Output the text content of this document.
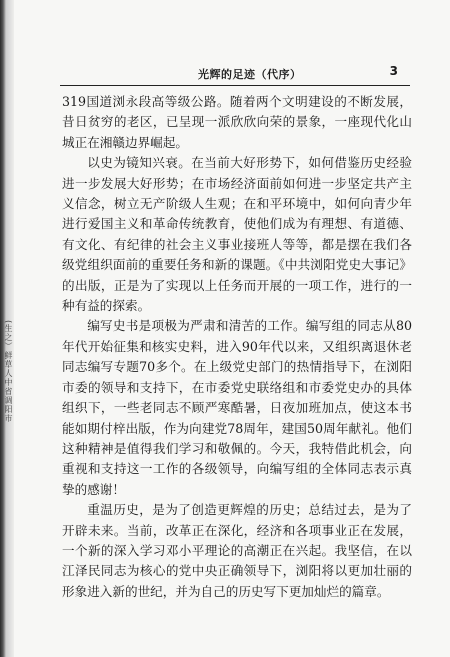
(生之）鲜草人中省调阳市
光辉的足迹（代序）	3

319国道浏永段高等级公路。随着两个文明建设的不断发展，昔日贫穷的老区，已呈现一派欣欣向荣的景象，一座现代化山城正在湘赣边界崛起。

以史为镜知兴衰。在当前大好形势下，如何借鉴历史经验进一步发展大好形势；在市场经济面前如何进一步坚定共产主义信念，树立无产阶级人生观；在和平环境中，如何向青少年进行爱国主义和革命传统教育，使他们成为有理想、有道德、有文化、有纪律的社会主义事业接班人等等，都是摆在我们各级党组织面前的重要任务和新的课题。《中共浏阳党史大事记》的出版，正是为了实现以上任务而开展的一项工作，进行的一种有益的探索。

编写史书是项极为严肃和清苦的工作。编写组的同志从80年代开始征集和核实史料，进入90年代以来，又组织离退休老同志编写专题70多个。在上级党史部门的热情指导下，在浏阳市委的领导和支持下，在市委党史联络组和市委党史办的具体组织下，一些老同志不顾严寒酷暑，日夜加班加点，使这本书能如期付梓出版，作为向建党78周年，建国50周年献礼。他们这种精神是值得我们学习和敬佩的。今天，我特借此机会，向重视和支持这一工作的各级领导，向编写组的全体同志表示真挚的感谢！

重温历史，是为了创造更辉煌的历史；总结过去，是为了开辟未来。当前，改革正在深化，经济和各项事业正在发展，一个新的深入学习邓小平理论的高潮正在兴起。我坚信，在以江泽民同志为核心的党中央正确领导下，浏阳将以更加壮丽的形象进入新的世纪，并为自己的历史写下更加灿烂的篇章。
